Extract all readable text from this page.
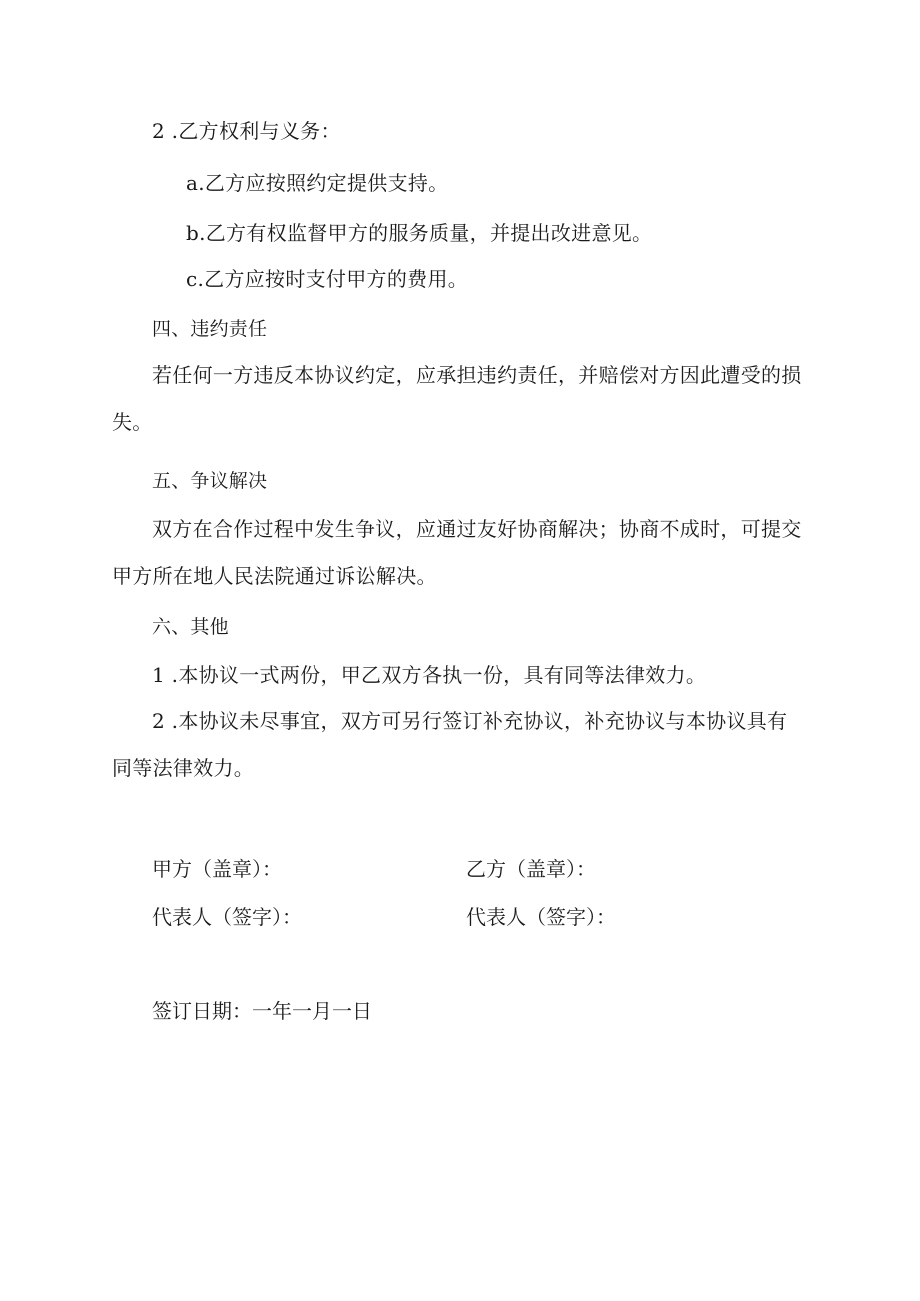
2 .乙方权利与义务：
a.乙方应按照约定提供支持。
b.乙方有权监督甲方的服务质量，并提出改进意见。
c.乙方应按时支付甲方的费用。
四、违约责任
若任何一方违反本协议约定，应承担违约责任，并赔偿对方因此遭受的损失。
五、争议解决
双方在合作过程中发生争议，应通过友好协商解决；协商不成时，可提交甲方所在地人民法院通过诉讼解决。
六、其他
1 .本协议一式两份，甲乙双方各执一份，具有同等法律效力。
2 .本协议未尽事宜，双方可另行签订补充协议，补充协议与本协议具有同等法律效力。
甲方（盖章）：	乙方（盖章）：
代表人（签字）：	代表人（签字）：
签订日期：一年一月一日
